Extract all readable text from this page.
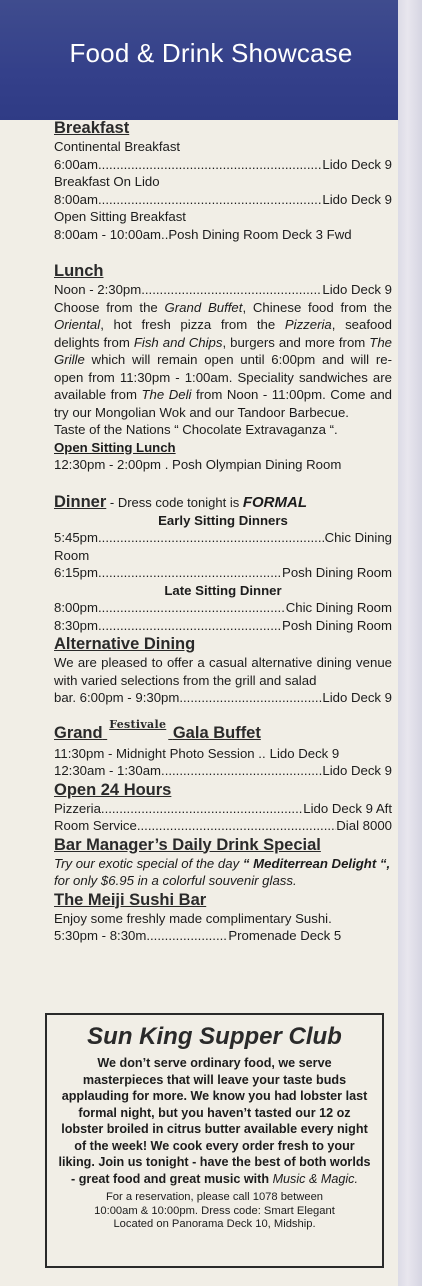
Food & Drink Showcase
Breakfast
Continental Breakfast
6:00am .....	Lido Deck 9
Breakfast On Lido
8:00am .....	Lido Deck 9
Open Sitting Breakfast
8:00am - 10:00am.. Posh Dining Room Deck 3 Fwd
Lunch
Noon - 2:30pm .....	Lido Deck 9
Choose from the Grand Buffet, Chinese food from the Oriental, hot fresh pizza from the Pizzeria, seafood delights from Fish and Chips, burgers and more from The Grille which will remain open until 6:00pm and will re-open from 11:30pm - 1:00am. Speciality sandwiches are available from The Deli from Noon - 11:00pm. Come and try our Mongolian Wok and our Tandoor Barbecue.
Taste of the Nations “ Chocolate Extravaganza “.
Open Sitting Lunch
12:30pm - 2:00pm . Posh Olympian Dining Room
Dinner - Dress code tonight is FORMAL
Early Sitting Dinners
5:45pm .....	Chic Dining
Room
6:15pm .....	Posh Dining Room
Late Sitting Dinner
8:00pm .....	Chic Dining Room
8:30pm .....	Posh Dining Room
Alternative Dining
We are pleased to offer a casual alternative dining venue with varied selections from the grill and salad
bar. 6:00pm - 9:30pm .....	Lido Deck 9
Grand Festivale Gala Buffet
11:30pm - Midnight Photo Session .. Lido Deck 9
12:30am - 1:30am .....	Lido Deck 9
Open 24 Hours
Pizzeria .....	Lido Deck 9 Aft
Room Service .....	Dial 8000
Bar Manager’s Daily Drink Special
Try our exotic special of the day “ Mediterrean Delight “, for only $6.95 in a colorful souvenir glass.
The Meiji Sushi Bar
Enjoy some freshly made complimentary Sushi.
5:30pm - 8:30m .....	Promenade Deck 5
Sun King Supper Club
We don’t serve ordinary food, we serve masterpieces that will leave your taste buds applauding for more. We know you had lobster last formal night, but you haven’t tasted our 12 oz lobster broiled in citrus butter available every night of the week! We cook every order fresh to your liking. Join us tonight - have the best of both worlds - great food and great music with Music & Magic.
For a reservation, please call 1078 between
10:00am & 10:00pm. Dress code: Smart Elegant
Located on Panorama Deck 10, Midship.
